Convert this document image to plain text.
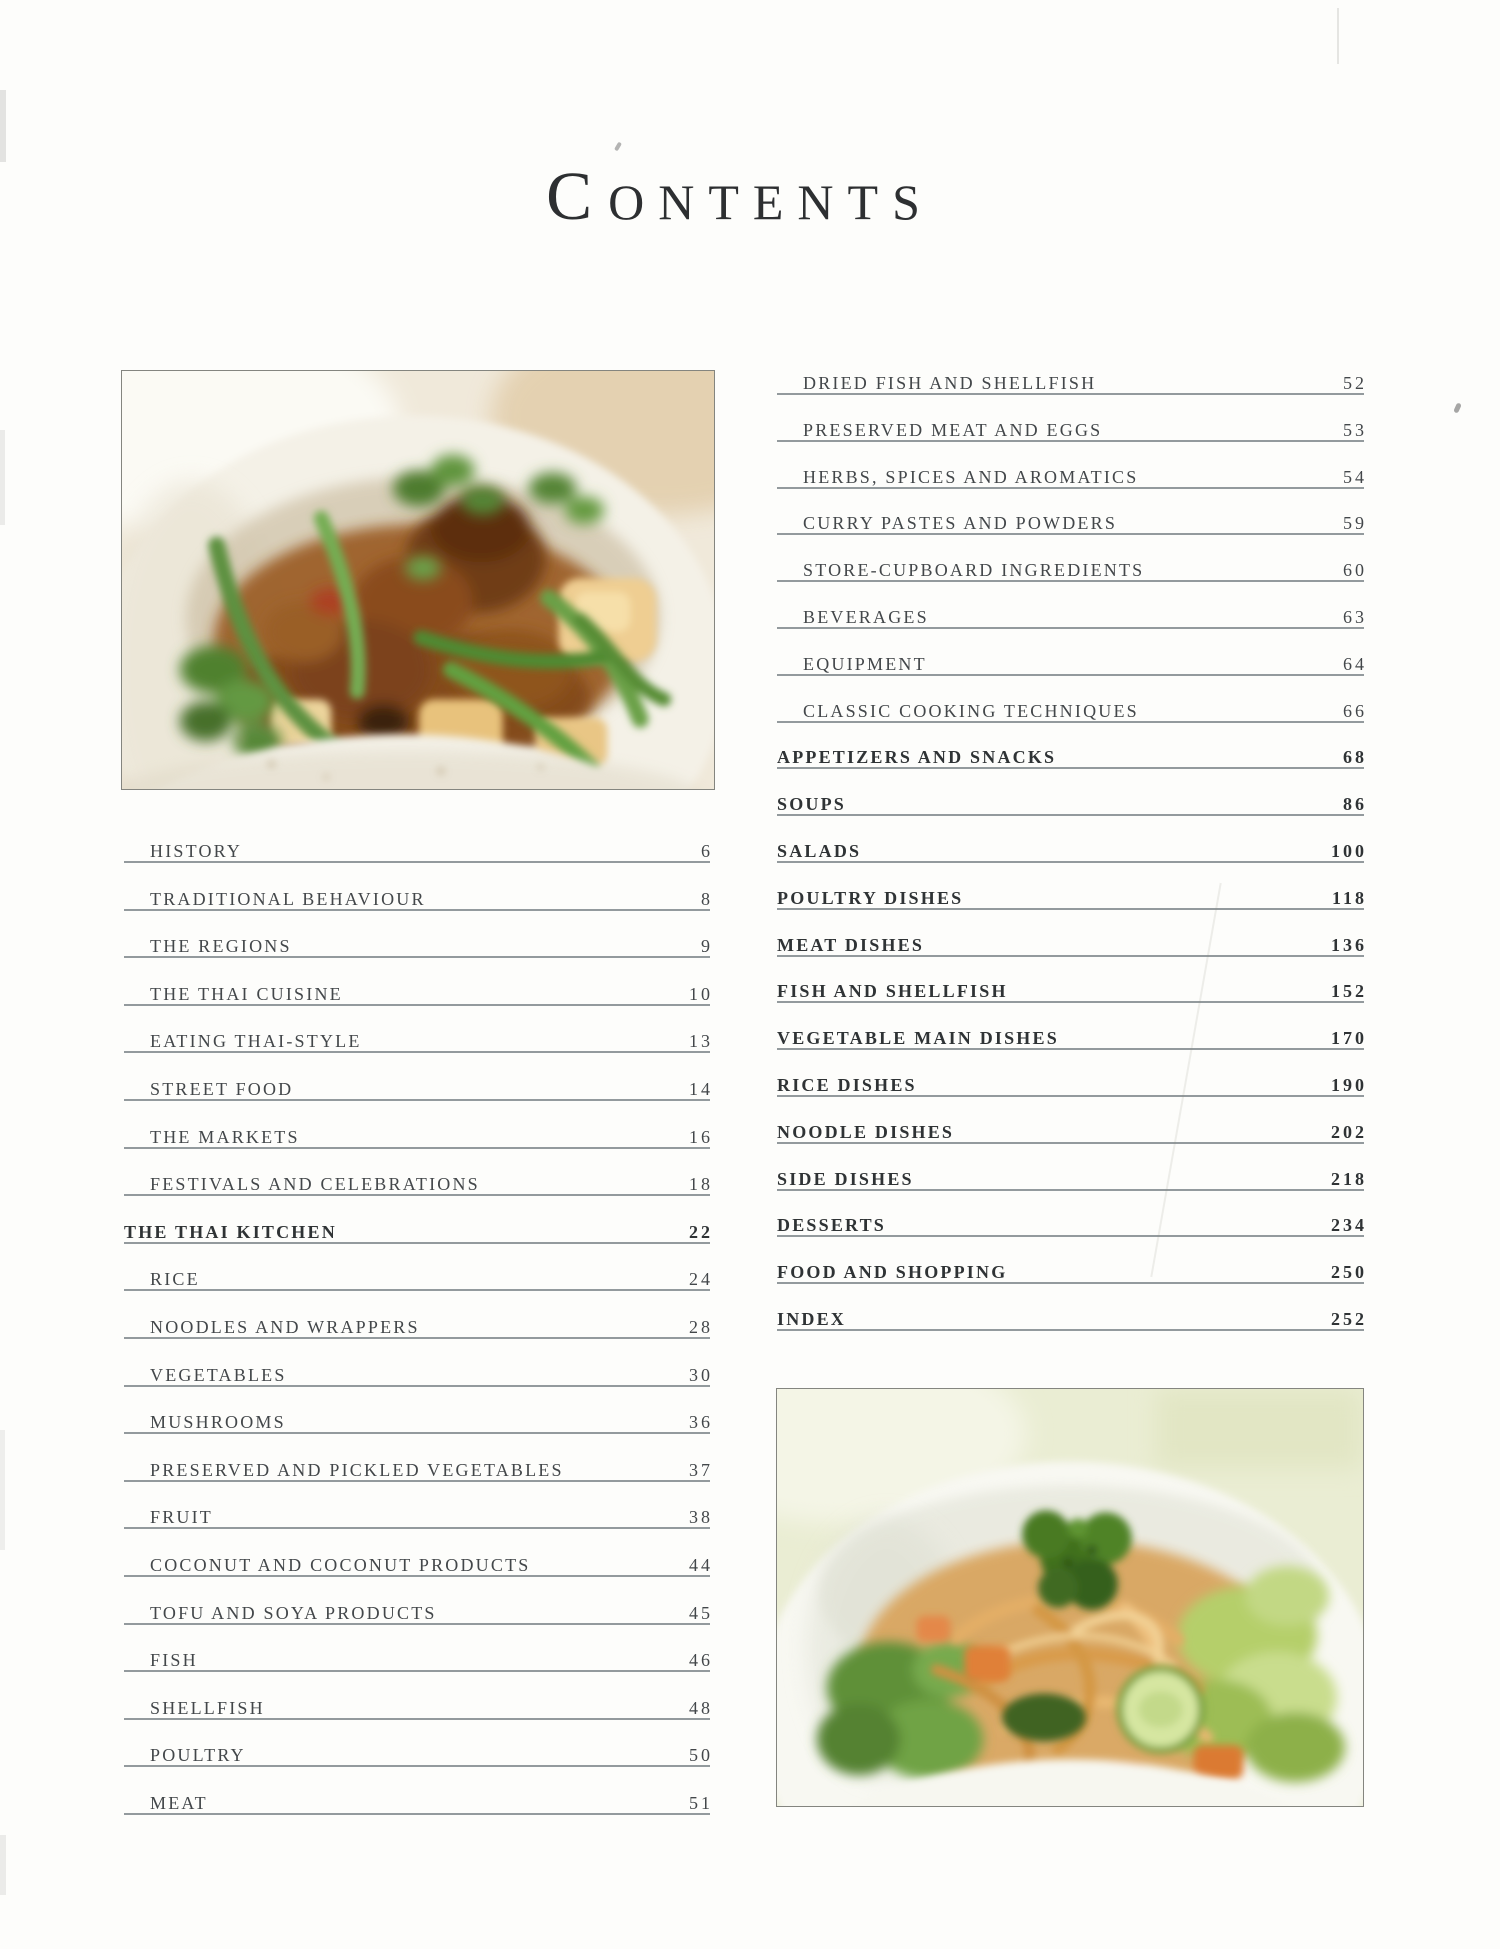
CONTENTS
HISTORY	6
TRADITIONAL BEHAVIOUR	8
THE REGIONS	9
THE THAI CUISINE	10
EATING THAI-STYLE	13
STREET FOOD	14
THE MARKETS	16
FESTIVALS AND CELEBRATIONS	18
THE THAI KITCHEN	22
RICE	24
NOODLES AND WRAPPERS	28
VEGETABLES	30
MUSHROOMS	36
PRESERVED AND PICKLED VEGETABLES	37
FRUIT	38
COCONUT AND COCONUT PRODUCTS	44
TOFU AND SOYA PRODUCTS	45
FISH	46
SHELLFISH	48
POULTRY	50
MEAT	51
DRIED FISH AND SHELLFISH	52
PRESERVED MEAT AND EGGS	53
HERBS, SPICES AND AROMATICS	54
CURRY PASTES AND POWDERS	59
STORE-CUPBOARD INGREDIENTS	60
BEVERAGES	63
EQUIPMENT	64
CLASSIC COOKING TECHNIQUES	66
APPETIZERS AND SNACKS	68
SOUPS	86
SALADS	100
POULTRY DISHES	118
MEAT DISHES	136
FISH AND SHELLFISH	152
VEGETABLE MAIN DISHES	170
RICE DISHES	190
NOODLE DISHES	202
SIDE DISHES	218
DESSERTS	234
FOOD AND SHOPPING	250
INDEX	252
